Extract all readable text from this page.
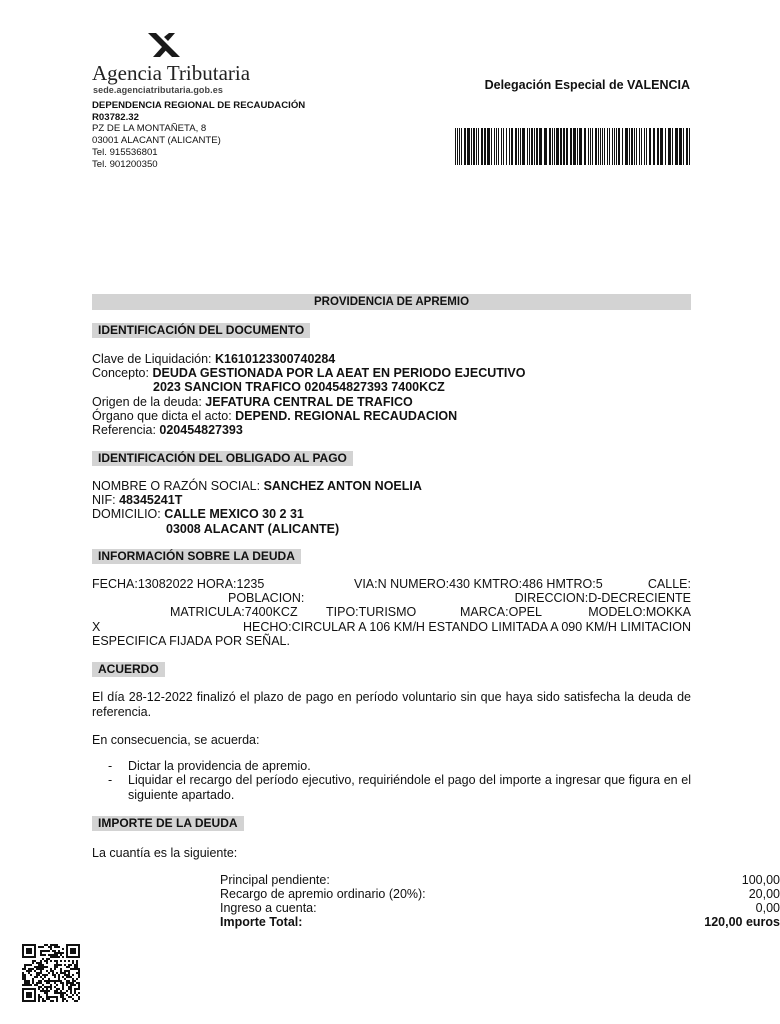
Agencia Tributaria
sede.agenciatributaria.gob.es	Delegación Especial de VALENCIA
DEPENDENCIA REGIONAL DE RECAUDACIÓN
R03782.32
PZ DE LA MONTAÑETA, 8
03001 ALACANT (ALICANTE)
Tel. 915536801
Tel. 901200350
PROVIDENCIA DE APREMIO
IDENTIFICACIÓN DEL DOCUMENTO
Clave de Liquidación: K1610123300740284
Concepto: DEUDA GESTIONADA POR LA AEAT EN PERIODO EJECUTIVO
2023 SANCION TRAFICO 020454827393 7400KCZ
Origen de la deuda: JEFATURA CENTRAL DE TRAFICO
Órgano que dicta el acto: DEPEND. REGIONAL RECAUDACION
Referencia: 020454827393
IDENTIFICACIÓN DEL OBLIGADO AL PAGO
NOMBRE O RAZÓN SOCIAL: SANCHEZ ANTON NOELIA
NIF: 48345241T
DOMICILIO: CALLE MEXICO 30 2 31
03008 ALACANT (ALICANTE)
INFORMACIÓN SOBRE LA DEUDA
FECHA:13082022 HORA:1235	VIA:N NUMERO:430 KMTRO:486 HMTRO:5	CALLE:
POBLACION:	DIRECCION:D-DECRECIENTE
MATRICULA:7400KCZ TIPO:TURISMO	MARCA:OPEL	MODELO:MOKKA
X	HECHO:CIRCULAR A 106 KM/H ESTANDO LIMITADA A 090 KM/H LIMITACION
ESPECIFICA FIJADA POR SEÑAL.
ACUERDO
El día 28-12-2022 finalizó el plazo de pago en período voluntario sin que haya sido satisfecha la deuda de referencia.
En consecuencia, se acuerda:
- Dictar la providencia de apremio.
- Liquidar el recargo del período ejecutivo, requiriéndole el pago del importe a ingresar que figura en el siguiente apartado.
IMPORTE DE LA DEUDA
La cuantía es la siguiente:
Principal pendiente:	100,00
Recargo de apremio ordinario (20%):	20,00
Ingreso a cuenta:	0,00
Importe Total:	120,00 euros
